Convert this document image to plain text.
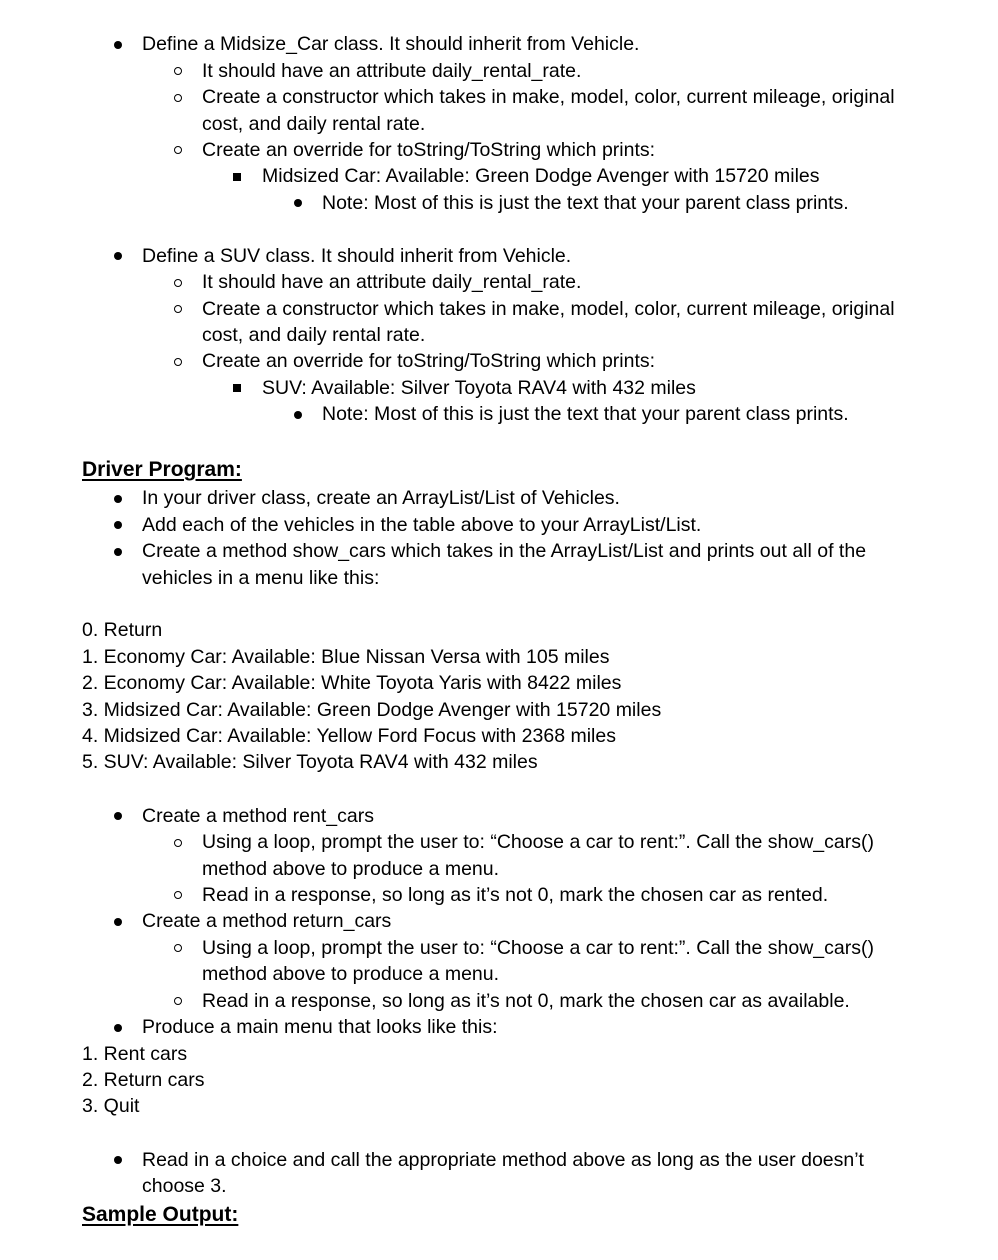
Define a Midsize_Car class. It should inherit from Vehicle.
It should have an attribute daily_rental_rate.
Create a constructor which takes in make, model, color, current mileage, original
cost, and daily rental rate.
Create an override for toString/ToString which prints:
Midsized Car: Available: Green Dodge Avenger with 15720 miles
Note: Most of this is just the text that your parent class prints.
Define a SUV class. It should inherit from Vehicle.
It should have an attribute daily_rental_rate.
Create a constructor which takes in make, model, color, current mileage, original
cost, and daily rental rate.
Create an override for toString/ToString which prints:
SUV: Available: Silver Toyota RAV4 with 432 miles
Note: Most of this is just the text that your parent class prints.
Driver Program:
In your driver class, create an ArrayList/List of Vehicles.
Add each of the vehicles in the table above to your ArrayList/List.
Create a method show_cars which takes in the ArrayList/List and prints out all of the
vehicles in a menu like this:
0. Return
1. Economy Car: Available: Blue Nissan Versa with 105 miles
2. Economy Car: Available: White Toyota Yaris with 8422 miles
3. Midsized Car: Available: Green Dodge Avenger with 15720 miles
4. Midsized Car: Available: Yellow Ford Focus with 2368 miles
5. SUV: Available: Silver Toyota RAV4 with 432 miles
Create a method rent_cars
Using a loop, prompt the user to: “Choose a car to rent:”. Call the show_cars()
method above to produce a menu.
Read in a response, so long as it’s not 0, mark the chosen car as rented.
Create a method return_cars
Using a loop, prompt the user to: “Choose a car to rent:”. Call the show_cars()
method above to produce a menu.
Read in a response, so long as it’s not 0, mark the chosen car as available.
Produce a main menu that looks like this:
1. Rent cars
2. Return cars
3. Quit
Read in a choice and call the appropriate method above as long as the user doesn’t
choose 3.
Sample Output:
